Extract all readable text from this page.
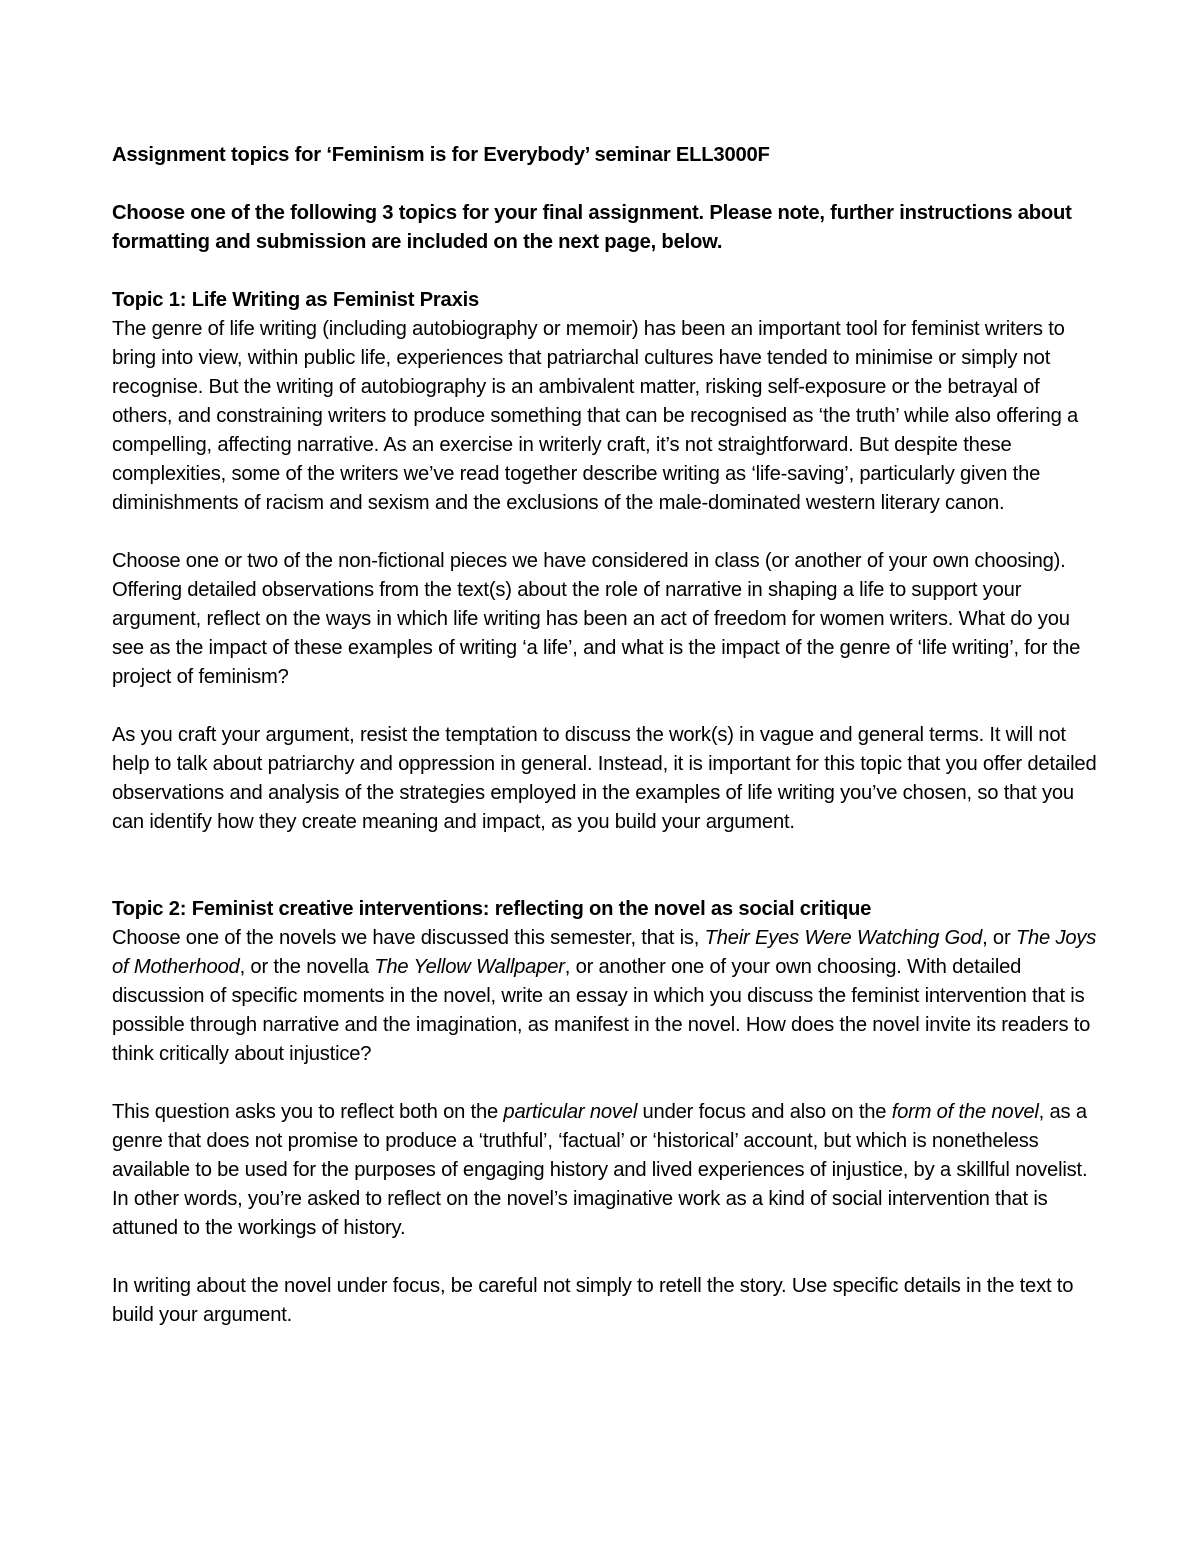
Assignment topics for ‘Feminism is for Everybody’ seminar ELL3000F

Choose one of the following 3 topics for your final assignment. Please note, further instructions about formatting and submission are included on the next page, below.

Topic 1: Life Writing as Feminist Praxis

The genre of life writing (including autobiography or memoir) has been an important tool for feminist writers to bring into view, within public life, experiences that patriarchal cultures have tended to minimise or simply not recognise. But the writing of autobiography is an ambivalent matter, risking self-exposure or the betrayal of others, and constraining writers to produce something that can be recognised as ‘the truth’ while also offering a compelling, affecting narrative. As an exercise in writerly craft, it’s not straightforward. But despite these complexities, some of the writers we’ve read together describe writing as ‘life-saving’, particularly given the diminishments of racism and sexism and the exclusions of the male-dominated western literary canon.

Choose one or two of the non-fictional pieces we have considered in class (or another of your own choosing). Offering detailed observations from the text(s) about the role of narrative in shaping a life to support your argument, reflect on the ways in which life writing has been an act of freedom for women writers. What do you see as the impact of these examples of writing ‘a life’, and what is the impact of the genre of ‘life writing’, for the project of feminism?

As you craft your argument, resist the temptation to discuss the work(s) in vague and general terms. It will not help to talk about patriarchy and oppression in general. Instead, it is important for this topic that you offer detailed observations and analysis of the strategies employed in the examples of life writing you’ve chosen, so that you can identify how they create meaning and impact, as you build your argument.

Topic 2: Feminist creative interventions: reflecting on the novel as social critique

Choose one of the novels we have discussed this semester, that is, Their Eyes Were Watching God, or The Joys of Motherhood, or the novella The Yellow Wallpaper, or another one of your own choosing. With detailed discussion of specific moments in the novel, write an essay in which you discuss the feminist intervention that is possible through narrative and the imagination, as manifest in the novel. How does the novel invite its readers to think critically about injustice?

This question asks you to reflect both on the particular novel under focus and also on the form of the novel, as a genre that does not promise to produce a ‘truthful’, ‘factual’ or ‘historical’ account, but which is nonetheless available to be used for the purposes of engaging history and lived experiences of injustice, by a skillful novelist. In other words, you’re asked to reflect on the novel’s imaginative work as a kind of social intervention that is attuned to the workings of history.

In writing about the novel under focus, be careful not simply to retell the story. Use specific details in the text to build your argument.
